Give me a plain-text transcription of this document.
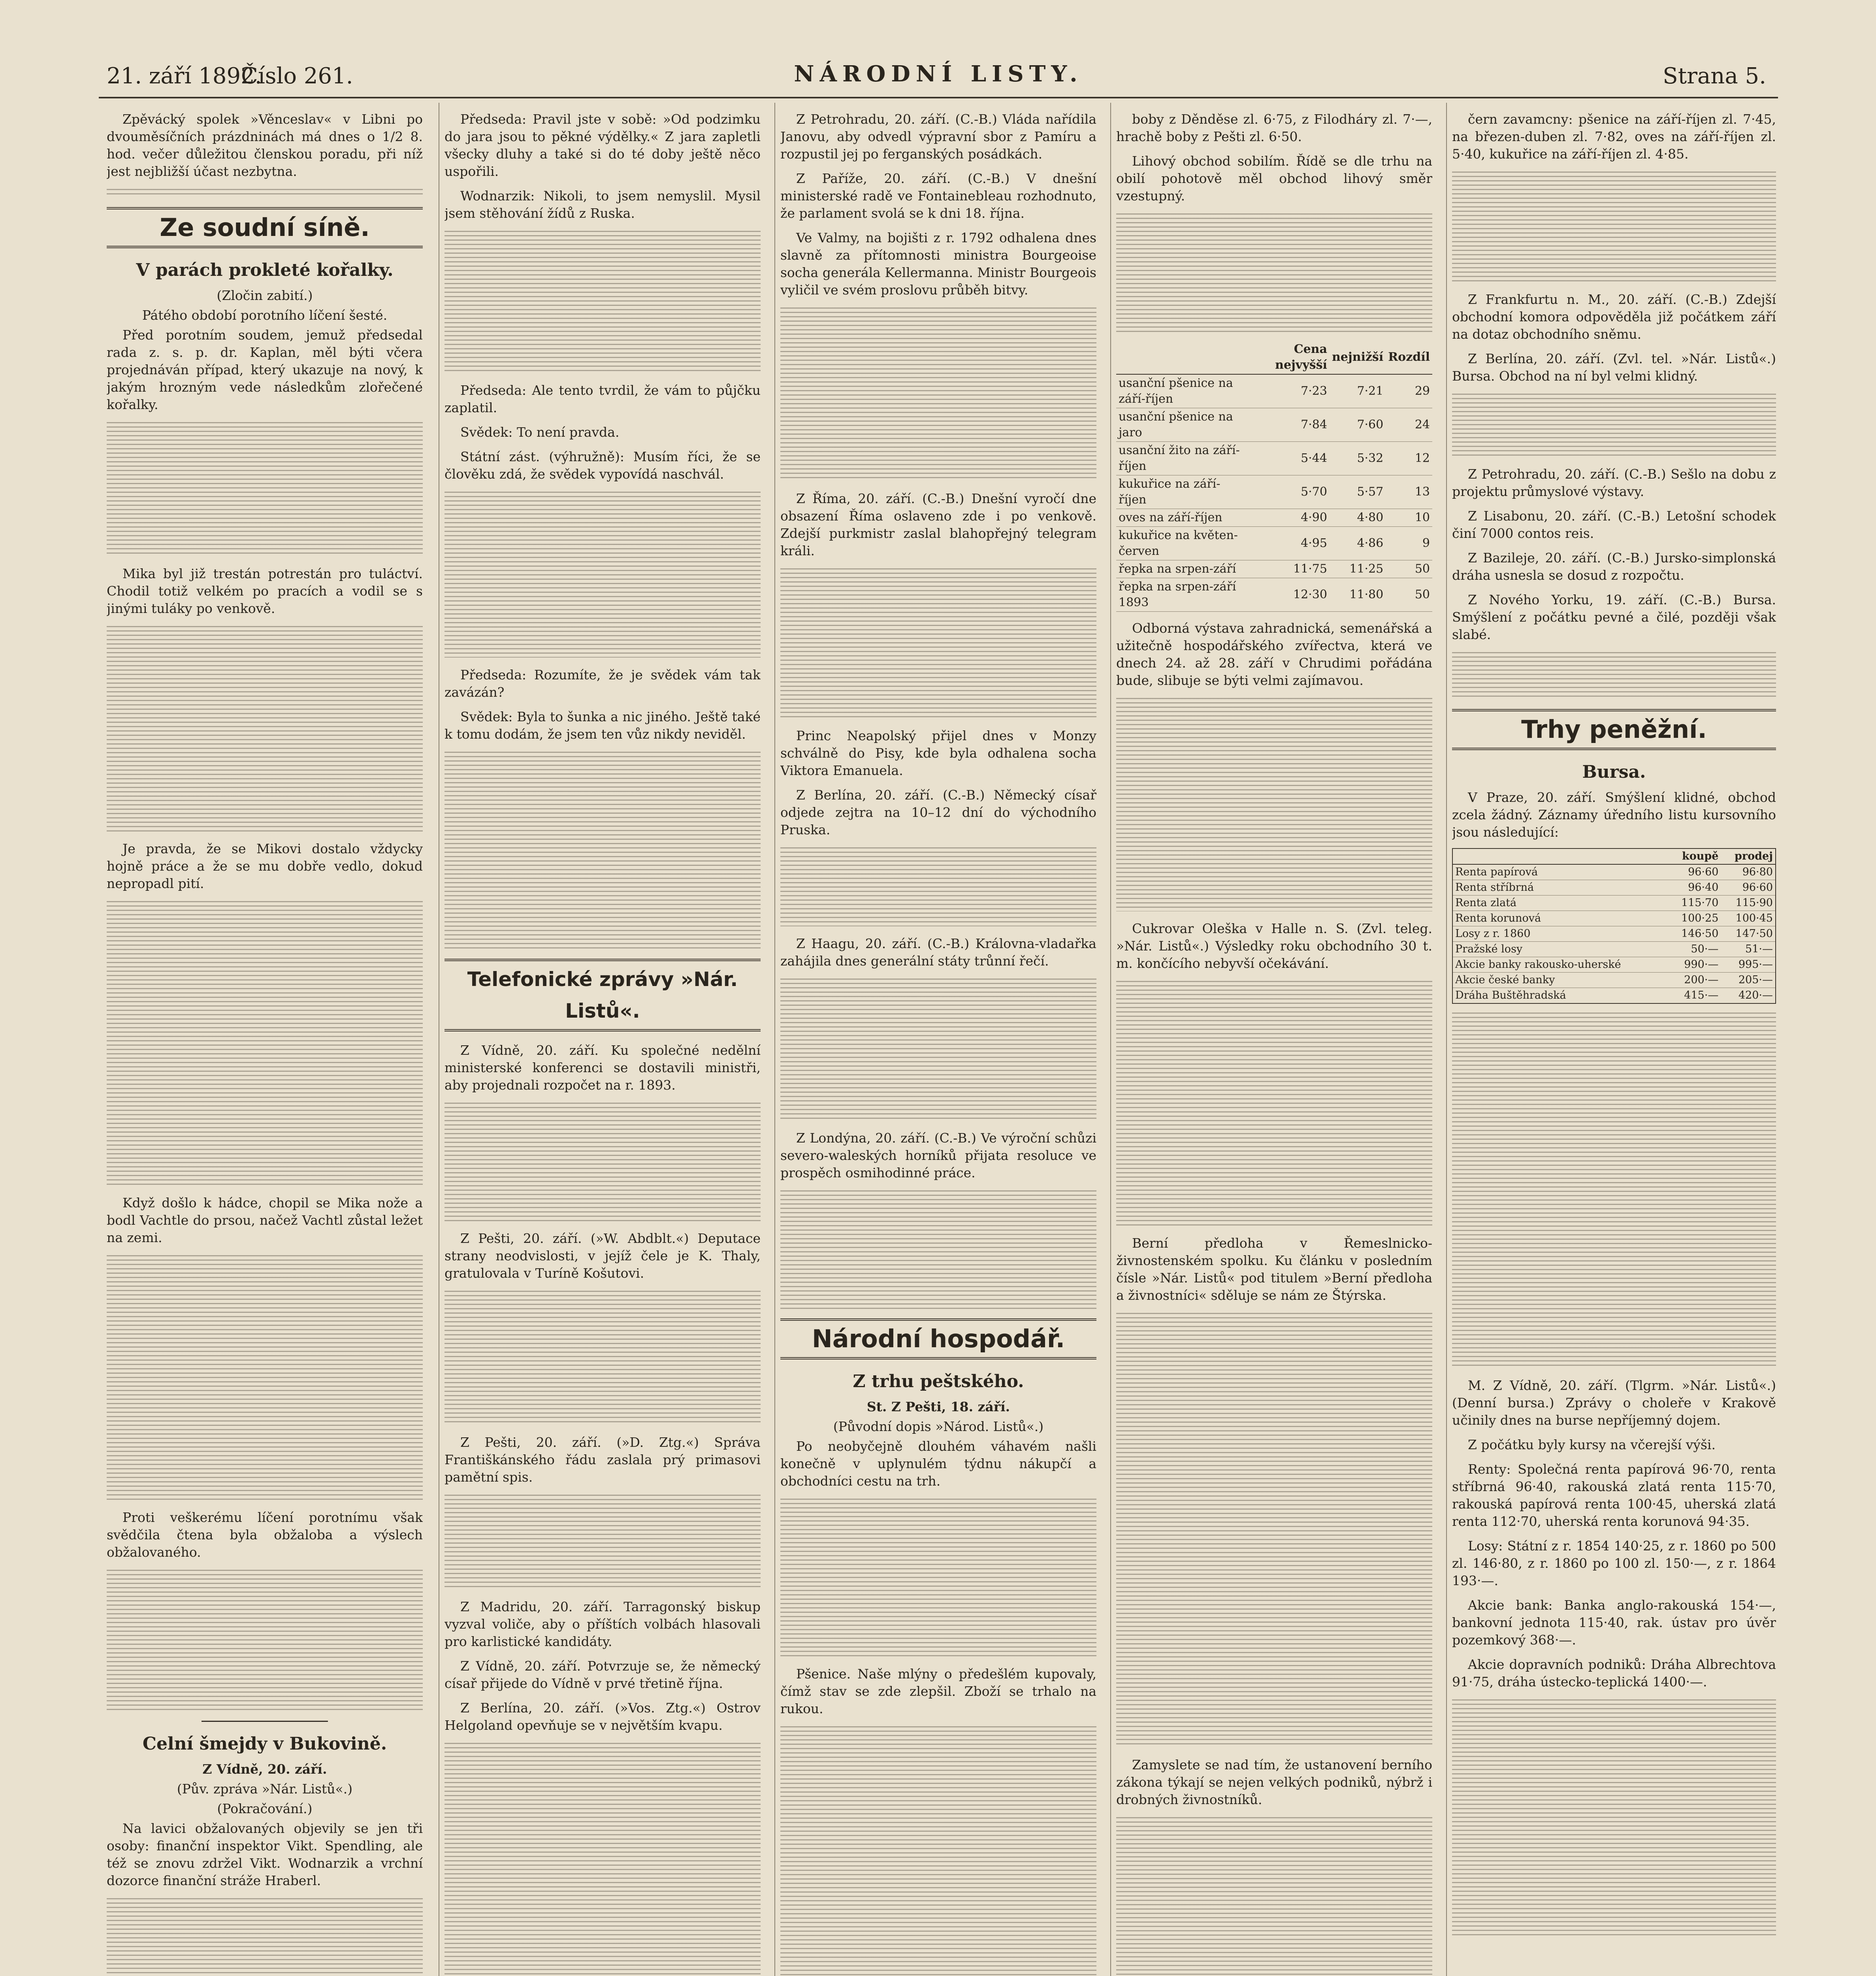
21. září 1892.
Číslo 261.	NÁRODNÍ LISTY.	Strana 5.

Zpěvácký spolek »Věnceslav« v Libni po dvouměsíčních prázdninách má dnes o 1/2 8. hod. večer důležitou členskou poradu, při níž jest nejbližší účast nezbytna.

Ze soudní síně.
V parách prokleté kořalky.
(Zločin zabití.)
Pátého období porotního líčení šesté.

Před porotním soudem, jemuž předsedal rada z. s. p. dr. Kaplan, měl býti včera projednáván případ, který ukazuje na nový, k jakým hrozným vede následkům zlořečené kořalky.

Mika byl již trestán potrestán pro tuláctví. Chodil totiž velkém po pracích a vodil se s jinými tuláky po venkově.

Je pravda, že se Mikovi dostalo vždycky hojně práce a že se mu dobře vedlo, dokud nepropadl pití.

Když došlo k hádce, chopil se Mika nože a bodl Vachtle do prsou, načež Vachtl zůstal ležet na zemi.

Proti veškerému líčení porotnímu však svědčila čtena byla obžaloba a výslech obžalovaného.

Celní šmejdy v Bukovině.
Z Vídně, 20. září.
(Pův. zpráva »Nár. Listů«.)
(Pokračování.)

Na lavici obžalovaných objevily se jen tři osoby: finanční inspektor Vikt. Spendling, ale též se znovu zdržel Vikt. Wodnarzik a vrchní dozorce finanční stráže Hraberl.

Předseda: Pravil jste v sobě: »Od podzimku do jara jsou to pěkné výdělky.« Z jara zapletli všecky dluhy a také si do té doby ještě něco uspořili.

Wodnarzik: Nikoli, to jsem nemyslil. Mysil jsem stěhování žídů z Ruska.

Předseda: Ale tento tvrdil, že vám to půjčku zaplatil.

Svědek: To není pravda.

Státní zást. (výhružně): Musím říci, že se člověku zdá, že svědek vypovídá naschvál.

Předseda: Rozumíte, že je svědek vám tak zavázán?

Svědek: Byla to šunka a nic jiného. Ještě také k tomu dodám, že jsem ten vůz nikdy neviděl.

Telefonické zprávy »Nár. Listů«.

Z Vídně, 20. září. Ku společné nedělní ministerské konferenci se dostavili ministři, aby projednali rozpočet na r. 1893.

Z Pešti, 20. září. (»W. Abdblt.«) Deputace strany neodvislosti, v jejíž čele je K. Thaly, gratulovala v Turíně Košutovi.

Z Pešti, 20. září. (»D. Ztg.«) Správa Františkánského řádu zaslala prý primasovi pamětní spis.

Z Madridu, 20. září. Tarragonský biskup vyzval voliče, aby o příštích volbách hlasovali pro karlistické kandidáty.

Z Vídně, 20. září. Potvrzuje se, že německý císař přijede do Vídně v prvé třetině října.

Z Berlína, 20. září. (»Vos. Ztg.«) Ostrov Helgoland opevňuje se v největším kvapu.

Z Petrohradu, 20. září. (C.-B.) Vláda nařídila Janovu, aby odvedl výpravní sbor z Pamíru a rozpustil jej po ferganských posádkách.

Z Paříže, 20. září. (C.-B.) V dnešní ministerské radě ve Fontainebleau rozhodnuto, že parlament svolá se k dni 18. října.

Ve Valmy, na bojišti z r. 1792 odhalena dnes slavně za přítomnosti ministra Bourgeoise socha generála Kellermanna. Ministr Bourgeois vyličil ve svém proslovu průběh bitvy.

Z Říma, 20. září. (C.-B.) Dnešní vyročí dne obsazení Říma oslaveno zde i po venkově. Zdejší purkmistr zaslal blahopřejný telegram králi.

Princ Neapolský přijel dnes v Monzy schválně do Pisy, kde byla odhalena socha Viktora Emanuela.

Z Berlína, 20. září. (C.-B.) Německý císař odjede zejtra na 10–12 dní do východního Pruska.

Z Haagu, 20. září. (C.-B.) Královna-vladařka zahájila dnes generální státy trůnní řečí.

Z Londýna, 20. září. (C.-B.) Ve výroční schůzi severo-waleských horníků přijata resoluce ve prospěch osmihodinné práce.

Národní hospodář.
Z trhu peštského.
St. Z Pešti, 18. září.
(Původní dopis »Národ. Listů«.)

Po neobyčejně dlouhém váhavém našli konečně v uplynulém týdnu nákupčí a obchodníci cestu na trh.

Pšenice. Naše mlýny o předešlém kupovaly, čímž stav se zde zlepšil. Zboží se trhalo na rukou.

boby z Děnděse zl. 6·75, z Filodháry zl. 7·—, hrachě boby z Pešti zl. 6·50.

Lihový obchod sobilím. Řídě se dle trhu na obilí pohotově měl obchod lihový směr vzestupný.

	Cena nejvyšší	nejnižší	Rozdíl
usanční pšenice na září-říjen	7·23	7·21	29
usanční pšenice na jaro	7·84	7·60	24
usanční žito na září-říjen	5·44	5·32	12
kukuřice na září-říjen	5·70	5·57	13
oves na září-říjen	4·90	4·80	10
kukuřice na květen-červen	4·95	4·86	9
řepka na srpen-září	11·75	11·25	50
řepka na srpen-září 1893	12·30	11·80	50

Odborná výstava zahradnická, semenářská a užitečně hospodářského zvířectva, která ve dnech 24. až 28. září v Chrudimi pořádána bude, slibuje se býti velmi zajímavou.

Cukrovar Oleška v Halle n. S. (Zvl. teleg. »Nár. Listů«.) Výsledky roku obchodního 30 t. m. končícího nebyvší očekávání.

Berní předloha v Řemeslnicko-živnostenském spolku. Ku článku v posledním čísle »Nár. Listů« pod titulem »Berní předloha a živnostníci« sděluje se nám ze Štýrska.

Zamyslete se nad tím, že ustanovení berního zákona týkají se nejen velkých podniků, nýbrž i drobných živnostníků.

čern zavamcny: pšenice na září-říjen zl. 7·45, na březen-duben zl. 7·82, oves na září-říjen zl. 5·40, kukuřice na září-říjen zl. 4·85.

Z Frankfurtu n. M., 20. září. (C.-B.) Zdejší obchodní komora odpověděla již počátkem září na dotaz obchodního sněmu.

Z Berlína, 20. září. (Zvl. tel. »Nár. Listů«.) Bursa. Obchod na ní byl velmi klidný.

Z Petrohradu, 20. září. (C.-B.) Sešlo na dobu z projektu průmyslové výstavy.

Z Lisabonu, 20. září. (C.-B.) Letošní schodek činí 7000 contos reis.

Z Bazileje, 20. září. (C.-B.) Jursko-simplonská dráha usnesla se dosud z rozpočtu.

Z Nového Yorku, 19. září. (C.-B.) Bursa. Smýšlení z počátku pevné a čilé, později však slabé.

Trhy peněžní.
Bursa.

V Praze, 20. září. Smýšlení klidné, obchod zcela žádný. Záznamy úředního listu kursovního jsou následující:

	koupě	prodej
Renta papírová	96·60	96·80
Renta stříbrná	96·40	96·60
Renta zlatá	115·70	115·90
Renta korunová	100·25	100·45
Losy z r. 1860	146·50	147·50
Pražské losy	50·—	51·—
Akcie banky rakousko-uherské	990·—	995·—
Akcie české banky	200·—	205·—
Dráha Buštěhradská	415·—	420·—

M. Z Vídně, 20. září. (Tlgrm. »Nár. Listů«.) (Denní bursa.) Zprávy o choleře v Krakově učinily dnes na burse nepříjemný dojem.

Z počátku byly kursy na včerejší výši.

Renty: Společná renta papírová 96·70, renta stříbrná 96·40, rakouská zlatá renta 115·70, rakouská papírová renta 100·45, uherská zlatá renta 112·70, uherská renta korunová 94·35.

Losy: Státní z r. 1854 140·25, z r. 1860 po 500 zl. 146·80, z r. 1860 po 100 zl. 150·—, z r. 1864 193·—.

Akcie bank: Banka anglo-rakouská 154·—, bankovní jednota 115·40, rak. ústav pro úvěr pozemkový 368·—.

Akcie dopravních podniků: Dráha Albrechtova 91·75, dráha ústecko-teplická 1400·—.
